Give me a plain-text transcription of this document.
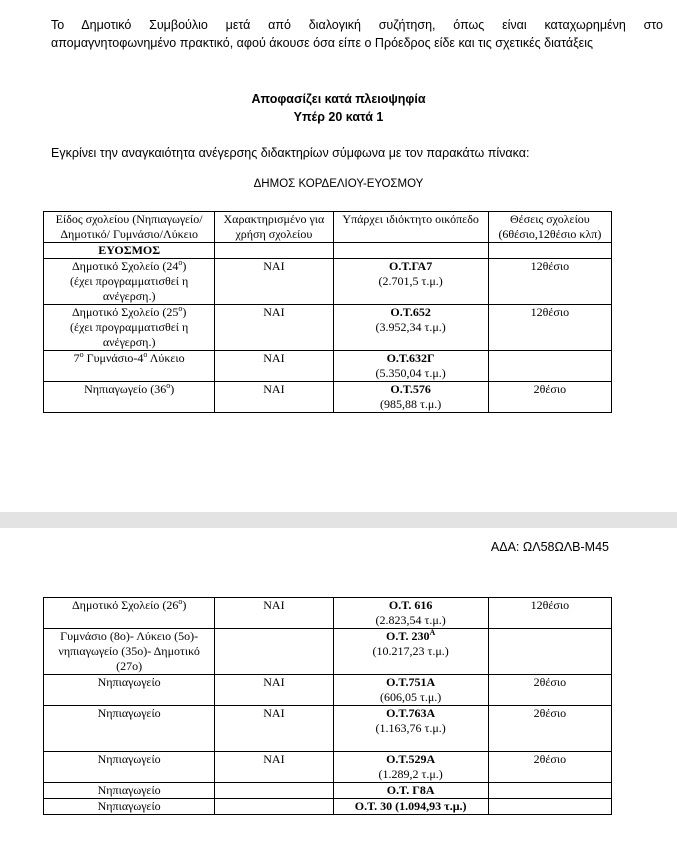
Το Δημοτικό Συμβούλιο μετά από διαλογική συζήτηση, όπως είναι καταχωρημένη στο
απομαγνητοφωνημένο πρακτικό, αφού άκουσε όσα είπε ο Πρόεδρος είδε και τις σχετικές διατάξεις
Αποφασίζει κατά πλειοψηφία
Υπέρ 20 κατά 1
Εγκρίνει την αναγκαιότητα ανέγερσης διδακτηρίων σύμφωνα με τον παρακάτω πίνακα:
ΔΗΜΟΣ ΚΟΡΔΕΛΙΟΥ-ΕΥΟΣΜΟΥ
Είδος σχολείου (Νηπιαγωγείο/Δημοτικό/ Γυμνάσιο/Λύκειο	Χαρακτηρισμένο για χρήση σχολείου	Υπάρχει ιδιόκτητο οικόπεδο	Θέσεις σχολείου (6θέσιο,12θέσιο κλπ)
ΕΥΟΣΜΟΣ			
Δημοτικό Σχολείο $(24^o)$
(έχει προγραμματισθεί η ανέγερση.)	ΝΑΙ	Ο.Τ.ΓΑ7
(2.701,5 τ.μ.)	12θέσιο
Δημοτικό Σχολείο $(25^o)$
(έχει προγραμματισθεί η ανέγερση.)	ΝΑΙ	Ο.Τ.652
(3.952,34 τ.μ.)	12θέσιο
$7^o$ Γυμνάσιο-$4^o$ Λύκειο	ΝΑΙ	Ο.Τ.632Γ
(5.350,04 τ.μ.)	
Νηπιαγωγείο $(36^o)$	ΝΑΙ	Ο.Τ.576
(985,88 τ.μ.)	2θέσιο
ΑΔΑ: ΩΛ58ΩΛΒ-Μ45
Δημοτικό Σχολείο $(26^o)$	ΝΑΙ	Ο.Τ. 616
(2.823,54 τ.μ.)	12θέσιο
Γυμνάσιο (8ο)- Λύκειο (5ο)- νηπιαγωγείο (35ο)- Δημοτικό (27ο)		Ο.Τ. $230^A$
(10.217,23 τ.μ.)	
Νηπιαγωγείο	ΝΑΙ	Ο.Τ.751Α
(606,05 τ.μ.)	2θέσιο
Νηπιαγωγείο	ΝΑΙ	Ο.Τ.763Α
(1.163,76 τ.μ.)	2θέσιο
Νηπιαγωγείο	ΝΑΙ	Ο.Τ.529Α
(1.289,2 τ.μ.)	2θέσιο
Νηπιαγωγείο		Ο.Τ. Γ8Α	
Νηπιαγωγείο		Ο.Τ. 30 (1.094,93 τ.μ.)	
